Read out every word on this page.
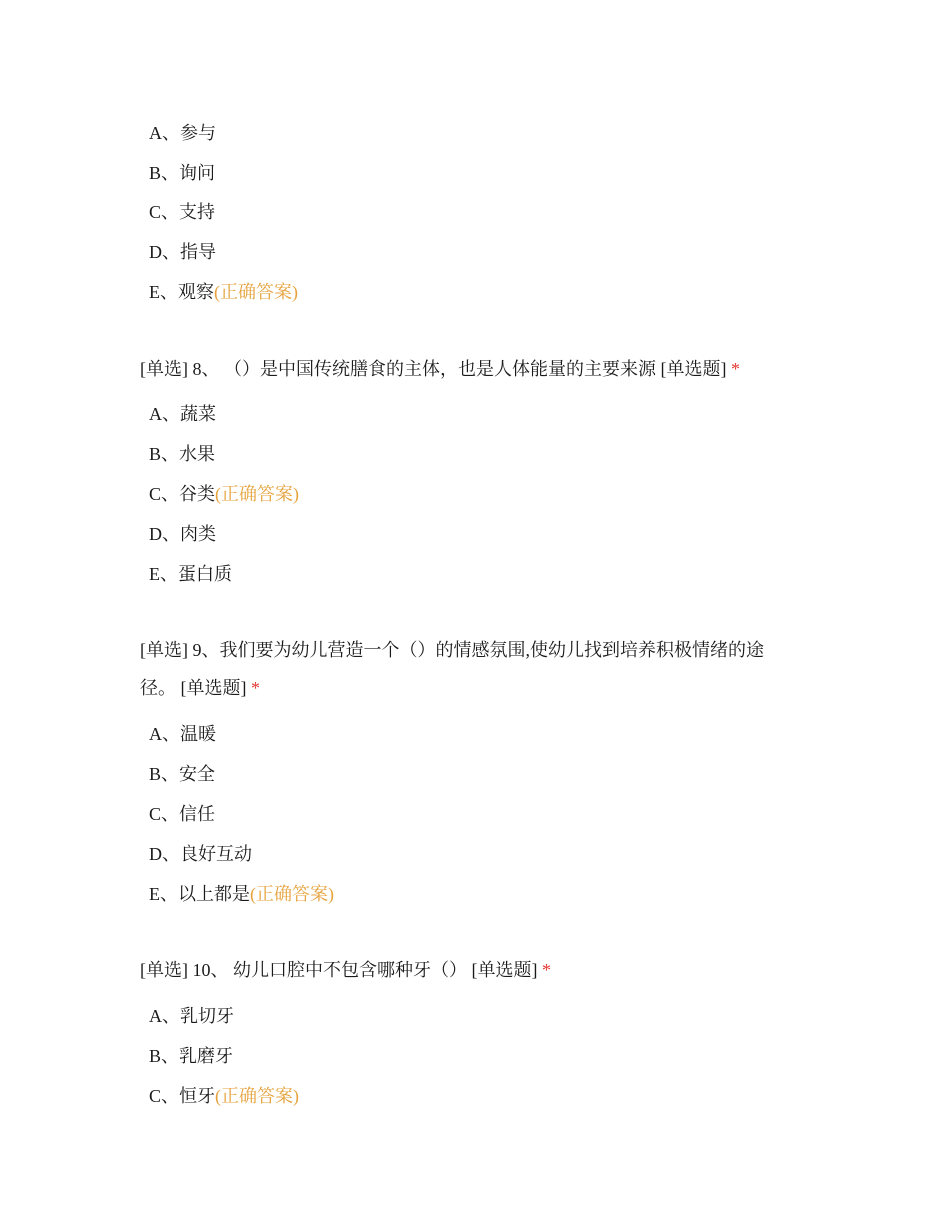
A、参与
B、询问
C、支持
D、指导
E、观察(正确答案)
[单选] 8、 （）是中国传统膳食的主体，也是人体能量的主要来源 [单选题] *
A、蔬菜
B、水果
C、谷类(正确答案)
D、肉类
E、蛋白质
[单选] 9、我们要为幼儿营造一个（）的情感氛围,使幼儿找到培养积极情绪的途径。 [单选题] *
A、温暖
B、安全
C、信任
D、良好互动
E、以上都是(正确答案)
[单选] 10、 幼儿口腔中不包含哪种牙（） [单选题] *
A、乳切牙
B、乳磨牙
C、恒牙(正确答案)
